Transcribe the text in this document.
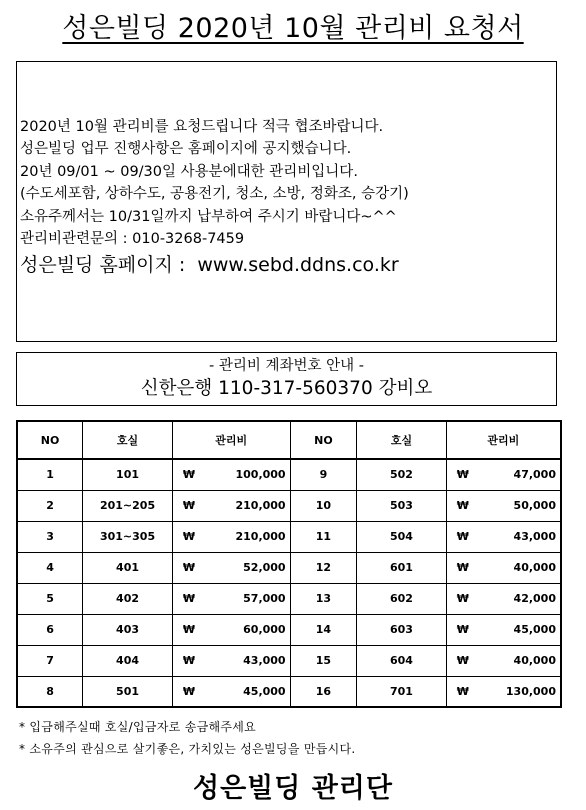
성은빌딩 2020년 10월 관리비 요청서
2020년 10월 관리비를 요청드립니다 적극 협조바랍니다.
성은빌딩 업무 진행사항은 홈페이지에 공지했습니다.
20년 09/01 ~ 09/30일 사용분에대한 관리비입니다.
(수도세포함, 상하수도, 공용전기, 청소, 소방, 정화조, 승강기)
소유주께서는 10/31일까지 납부하여 주시기 바랍니다~^^
관리비관련문의 : 010-3268-7459
성은빌딩 홈페이지 : www.sebd.ddns.co.kr
- 관리비 계좌번호 안내 -
신한은행 110-317-560370 강비오
NO	호실	관리비	NO	호실	관리비
1	101	₩ 100,000	9	502	₩ 47,000

2	201~205	₩ 210,000	10	503	₩ 50,000

3	301~305	₩ 210,000	11	504	₩ 43,000

4	401	₩ 52,000	12	601	₩ 40,000

5	402	₩ 57,000	13	602	₩ 42,000

6	403	₩ 60,000	14	603	₩ 45,000

7	404	₩ 43,000	15	604	₩ 40,000

8	501	₩ 45,000	16	701	₩ 130,000
* 입금해주실때 호실/입금자로 송금해주세요
* 소유주의 관심으로 살기좋은, 가치있는 성은빌딩을 만듭시다.
성은빌딩 관리단
